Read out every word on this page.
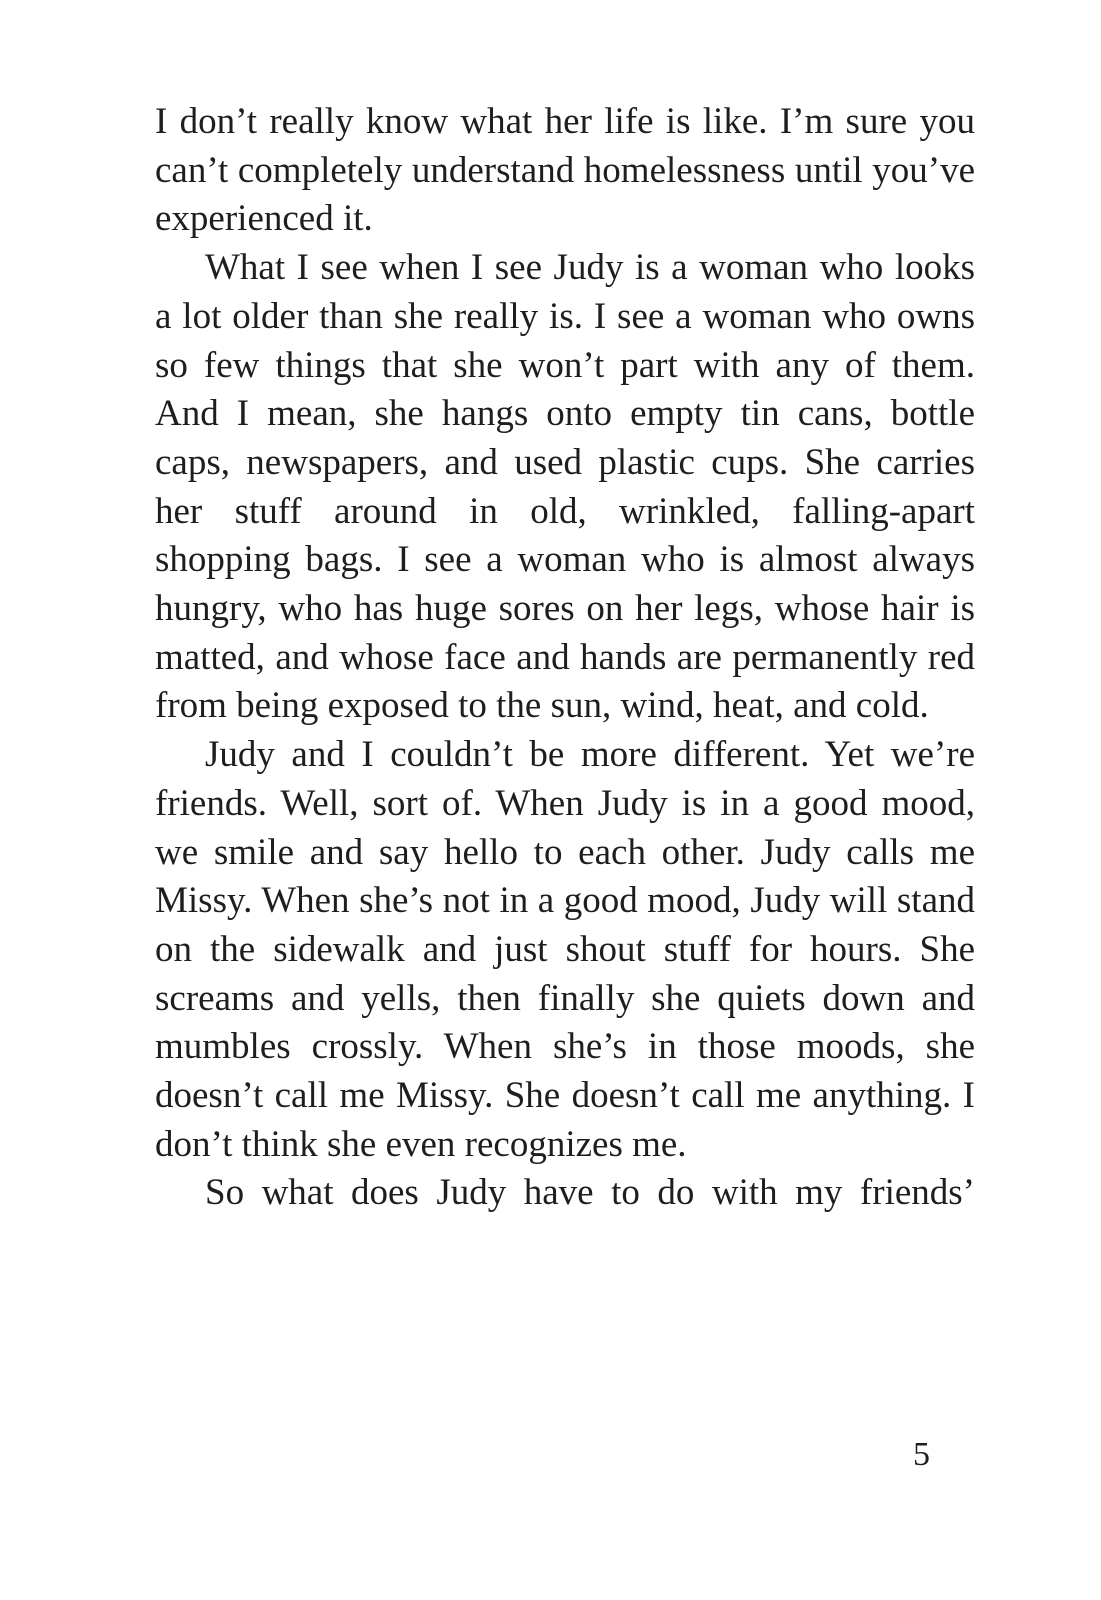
I don’t really know what her life is like. I’m sure you can’t completely understand homelessness until you’ve experienced it.

What I see when I see Judy is a woman who looks a lot older than she really is. I see a woman who owns so few things that she won’t part with any of them. And I mean, she hangs onto empty tin cans, bottle caps, newspapers, and used plastic cups. She carries her stuff around in old, wrinkled, falling-apart shopping bags. I see a woman who is almost always hungry, who has huge sores on her legs, whose hair is matted, and whose face and hands are permanently red from being exposed to the sun, wind, heat, and cold.

Judy and I couldn’t be more different. Yet we’re friends. Well, sort of. When Judy is in a good mood, we smile and say hello to each other. Judy calls me Missy. When she’s not in a good mood, Judy will stand on the sidewalk and just shout stuff for hours. She screams and yells, then finally she quiets down and mumbles crossly. When she’s in those moods, she doesn’t call me Missy. She doesn’t call me anything. I don’t think she even recognizes me.

So what does Judy have to do with my friends’

5
